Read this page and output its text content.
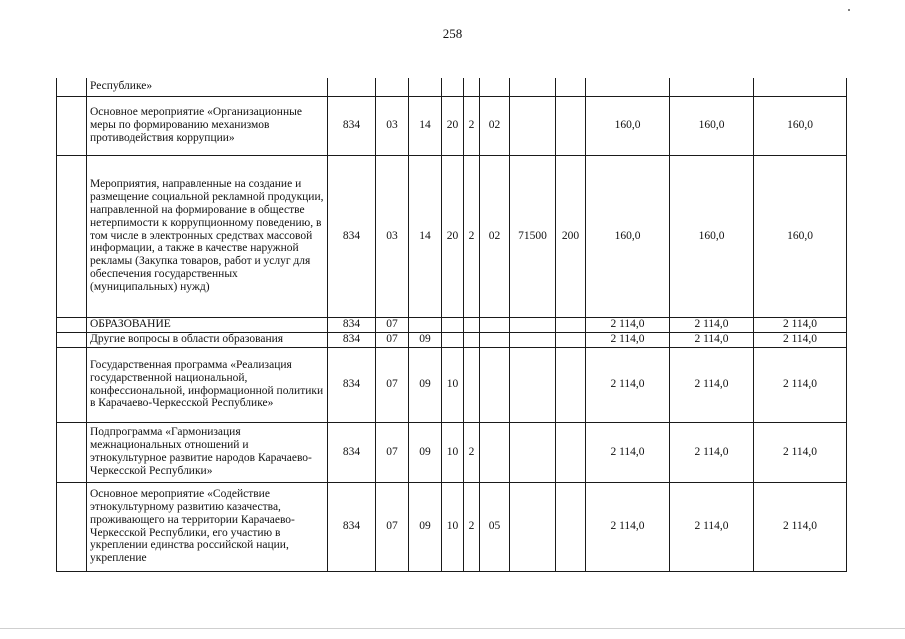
258
	Республике»											
	Основное мероприятие «Организационные меры по формированию механизмов противодействия коррупции»	834	03	14	20	2	02			160,0	160,0	160,0
	Мероприятия, направленные на создание и размещение социальной рекламной продукции, направленной на формирование в обществе нетерпимости к коррупционному поведению, в том числе в электронных средствах массовой информации, а также в качестве наружной рекламы (Закупка товаров, работ и услуг для обеспечения государственных (муниципальных) нужд)	834	03	14	20	2	02	71500	200	160,0	160,0	160,0
	ОБРАЗОВАНИЕ	834	07							2 114,0	2 114,0	2 114,0
	Другие вопросы в области образования	834	07	09						2 114,0	2 114,0	2 114,0
	Государственная программа «Реализация государственной национальной, конфессиональной, информационной политики в Карачаево-Черкесской Республике»	834	07	09	10					2 114,0	2 114,0	2 114,0
	Подпрограмма «Гармонизация межнациональных отношений и этнокультурное развитие народов Карачаево-Черкесской Республики»	834	07	09	10	2				2 114,0	2 114,0	2 114,0
	Основное мероприятие «Содействие этнокультурному развитию казачества, проживающего на территории Карачаево-Черкесской Республики, его участию в укреплении единства российской нации, укрепление	834	07	09	10	2	05			2 114,0	2 114,0	2 114,0
